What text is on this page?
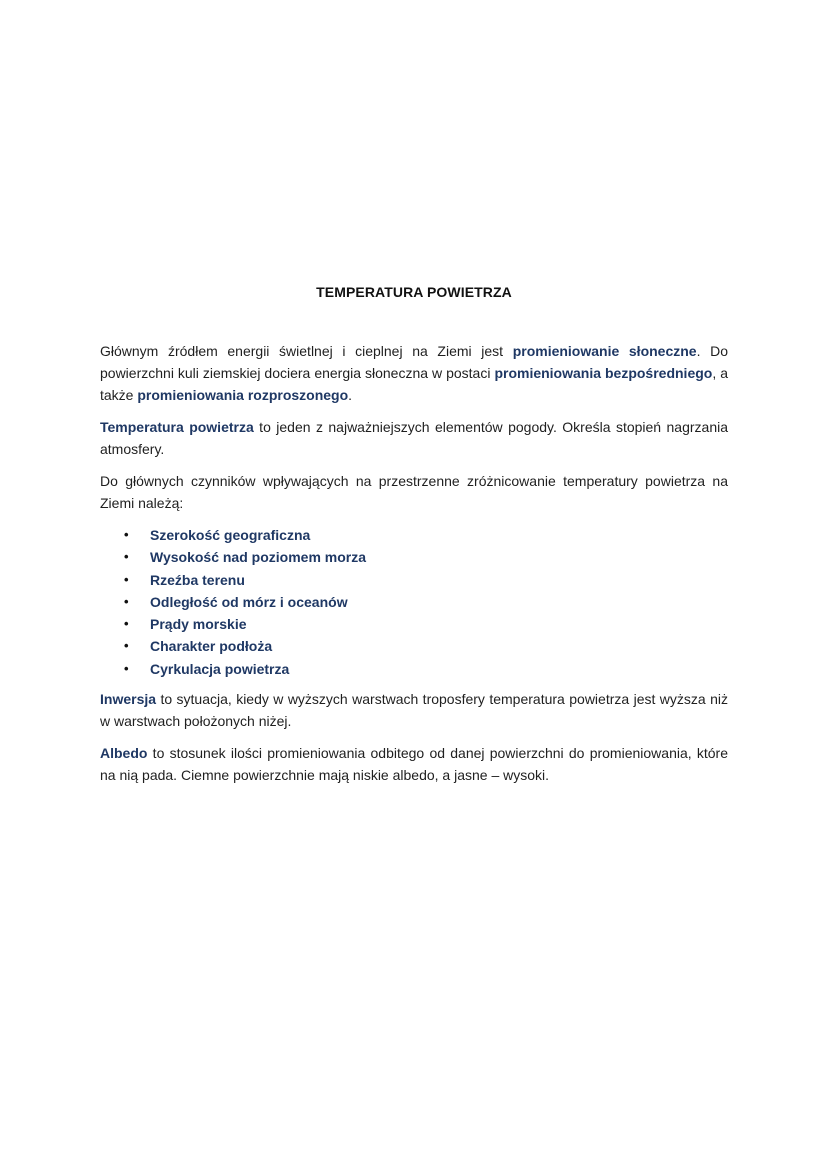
TEMPERATURA POWIETRZA

Głównym źródłem energii świetlnej i cieplnej na Ziemi jest promieniowanie słoneczne. Do powierzchni kuli ziemskiej dociera energia słoneczna w postaci promieniowania bezpośredniego, a także promieniowania rozproszonego.

Temperatura powietrza to jeden z najważniejszych elementów pogody. Określa stopień nagrzania atmosfery.

Do głównych czynników wpływających na przestrzenne zróżnicowanie temperatury powietrza na Ziemi należą:

• Szerokość geograficzna
• Wysokość nad poziomem morza
• Rzeźba terenu
• Odległość od mórz i oceanów
• Prądy morskie
• Charakter podłoża
• Cyrkulacja powietrza

Inwersja to sytuacja, kiedy w wyższych warstwach troposfery temperatura powietrza jest wyższa niż w warstwach położonych niżej.

Albedo to stosunek ilości promieniowania odbitego od danej powierzchni do promieniowania, które na nią pada. Ciemne powierzchnie mają niskie albedo, a jasne – wysoki.
